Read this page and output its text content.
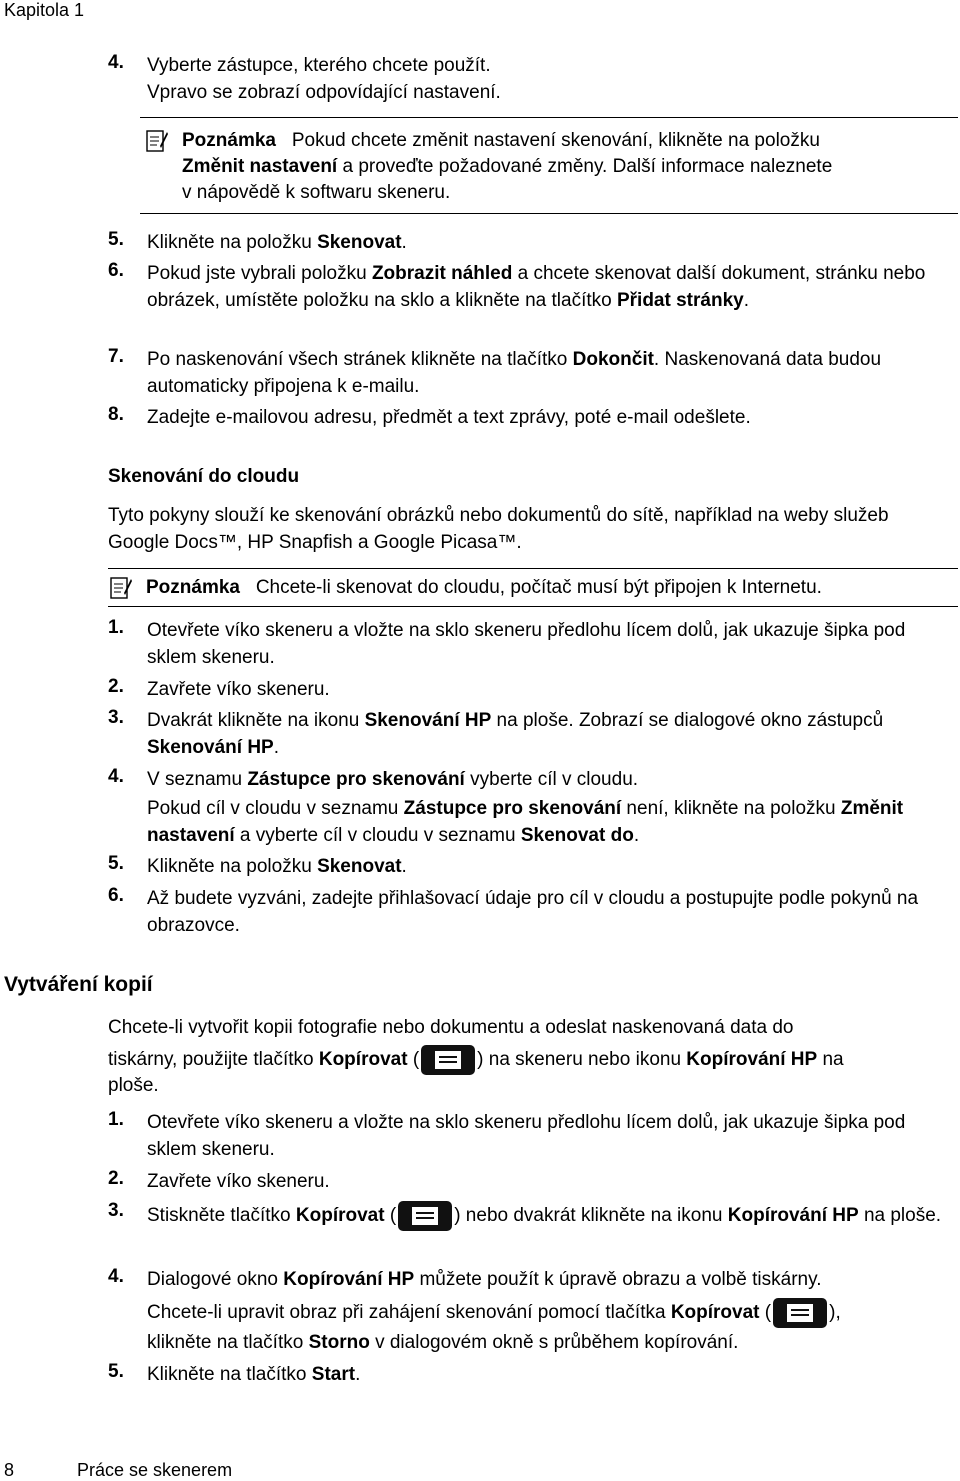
Kapitola 1
4. Vyberte zástupce, kterého chcete použít.
Vpravo se zobrazí odpovídající nastavení.
Poznámka Pokud chcete změnit nastavení skenování, klikněte na položku
Změnit nastavení a proveďte požadované změny. Další informace naleznete
v nápovědě k softwaru skeneru.
5. Klikněte na položku Skenovat.
6. Pokud jste vybrali položku Zobrazit náhled a chcete skenovat další dokument, stránku nebo obrázek, umístěte položku na sklo a klikněte na tlačítko Přidat stránky.
7. Po naskenování všech stránek klikněte na tlačítko Dokončit. Naskenovaná data budou automaticky připojena k e-mailu.
8. Zadejte e-mailovou adresu, předmět a text zprávy, poté e-mail odešlete.
Skenování do cloudu
Tyto pokyny slouží ke skenování obrázků nebo dokumentů do sítě, například na weby služeb Google Docs™, HP Snapfish a Google Picasa™.
Poznámka Chcete-li skenovat do cloudu, počítač musí být připojen k Internetu.
1. Otevřete víko skeneru a vložte na sklo skeneru předlohu lícem dolů, jak ukazuje šipka pod sklem skeneru.
2. Zavřete víko skeneru.
3. Dvakrát klikněte na ikonu Skenování HP na ploše. Zobrazí se dialogové okno zástupců Skenování HP.
4. V seznamu Zástupce pro skenování vyberte cíl v cloudu.
Pokud cíl v cloudu v seznamu Zástupce pro skenování není, klikněte na položku Změnit nastavení a vyberte cíl v cloudu v seznamu Skenovat do.
5. Klikněte na položku Skenovat.
6. Až budete vyzváni, zadejte přihlašovací údaje pro cíl v cloudu a postupujte podle pokynů na obrazovce.
Vytváření kopií
Chcete-li vytvořit kopii fotografie nebo dokumentu a odeslat naskenovaná data do
tiskárny, použijte tlačítko Kopírovat (	) na skeneru nebo ikonu Kopírování HP na
ploše.
1. Otevřete víko skeneru a vložte na sklo skeneru předlohu lícem dolů, jak ukazuje šipka pod sklem skeneru.
2. Zavřete víko skeneru.
3. Stiskněte tlačítko Kopírovat (	) nebo dvakrát klikněte na ikonu Kopírování HP na ploše.
4. Dialogové okno Kopírování HP můžete použít k úpravě obrazu a volbě tiskárny.
Chcete-li upravit obraz při zahájení skenování pomocí tlačítka Kopírovat (	),
klikněte na tlačítko Storno v dialogovém okně s průběhem kopírování.
5. Klikněte na tlačítko Start.
8	Práce se skenerem
